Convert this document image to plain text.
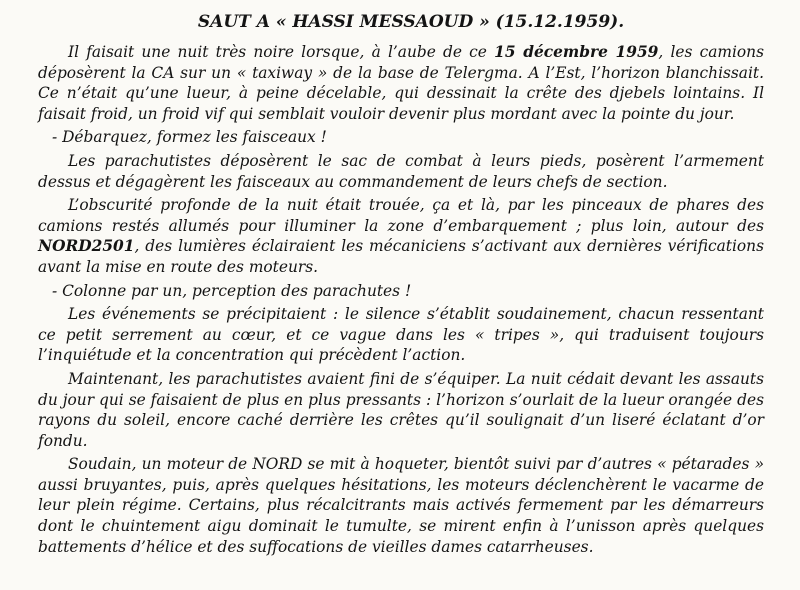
SAUT A « HASSI MESSAOUD » (15.12.1959).

Il faisait une nuit très noire lorsque, à l’aube de ce 15 décembre 1959, les camions déposèrent la CA sur un « taxiway » de la base de Telergma. A l’Est, l’horizon blanchissait. Ce n’était qu’une lueur, à peine décelable, qui dessinait la crête des djebels lointains. Il faisait froid, un froid vif qui semblait vouloir devenir plus mordant avec la pointe du jour.

- Débarquez, formez les faisceaux !

Les parachutistes déposèrent le sac de combat à leurs pieds, posèrent l’armement dessus et dégagèrent les faisceaux au commandement de leurs chefs de section.

L’obscurité profonde de la nuit était trouée, ça et là, par les pinceaux de phares des camions restés allumés pour illuminer la zone d’embarquement ; plus loin, autour des NORD2501, des lumières éclairaient les mécaniciens s’activant aux dernières vérifications avant la mise en route des moteurs.

- Colonne par un, perception des parachutes !

Les événements se précipitaient : le silence s’établit soudainement, chacun ressentant ce petit serrement au cœur, et ce vague dans les « tripes », qui traduisent toujours l’inquiétude et la concentration qui précèdent l’action.

Maintenant, les parachutistes avaient fini de s’équiper. La nuit cédait devant les assauts du jour qui se faisaient de plus en plus pressants : l’horizon s’ourlait de la lueur orangée des rayons du soleil, encore caché derrière les crêtes qu’il soulignait d’un liseré éclatant d’or fondu.

Soudain, un moteur de NORD se mit à hoqueter, bientôt suivi par d’autres « pétarades » aussi bruyantes, puis, après quelques hésitations, les moteurs déclenchèrent le vacarme de leur plein régime. Certains, plus récalcitrants mais activés fermement par les démarreurs dont le chuintement aigu dominait le tumulte, se mirent enfin à l’unisson après quelques battements d’hélice et des suffocations de vieilles dames catarrheuses.
